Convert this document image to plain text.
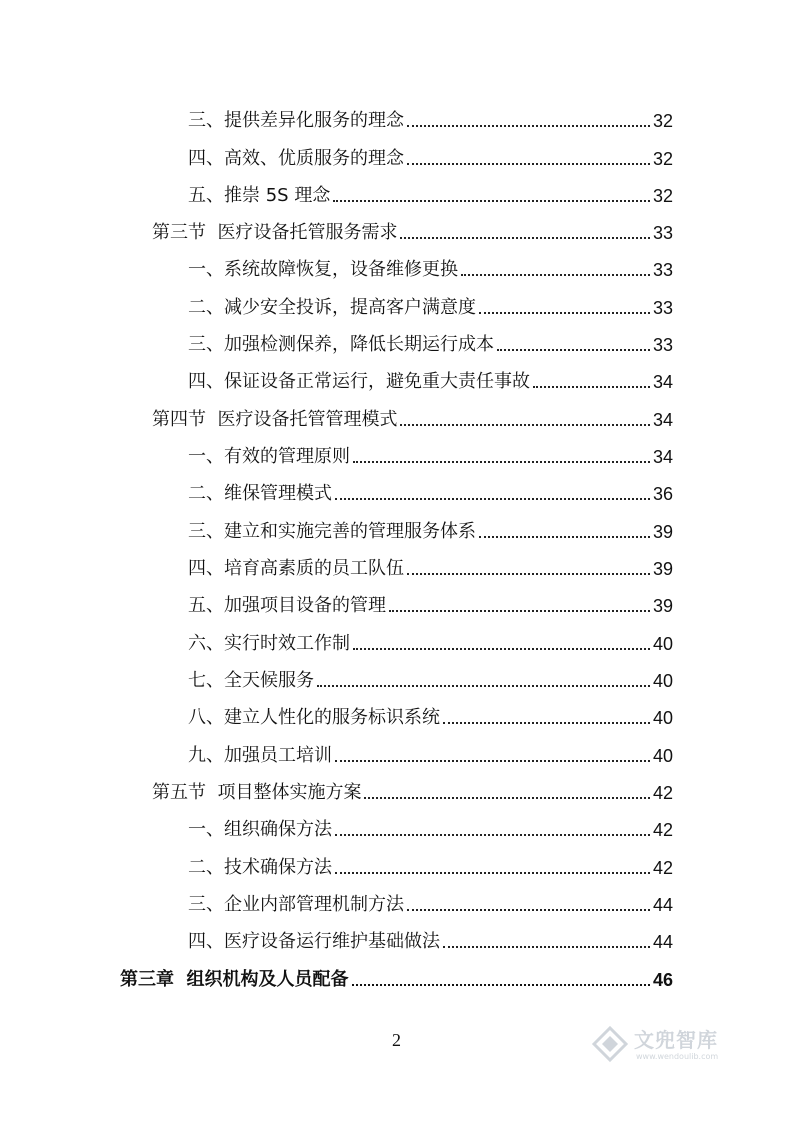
三、提供差异化服务的理念	32
四、高效、优质服务的理念	32
五、推崇 5S 理念	32
第三节  医疗设备托管服务需求	33
一、系统故障恢复，设备维修更换	33
二、减少安全投诉，提高客户满意度	33
三、加强检测保养，降低长期运行成本	33
四、保证设备正常运行，避免重大责任事故	34
第四节  医疗设备托管管理模式	34
一、有效的管理原则	34
二、维保管理模式	36
三、建立和实施完善的管理服务体系	39
四、培育高素质的员工队伍	39
五、加强项目设备的管理	39
六、实行时效工作制	40
七、全天候服务	40
八、建立人性化的服务标识系统	40
九、加强员工培训	40
第五节  项目整体实施方案	42
一、组织确保方法	42
二、技术确保方法	42
三、企业内部管理机制方法	44
四、医疗设备运行维护基础做法	44
第三章  组织机构及人员配备	46
2	文兜智库
www.wendoulib.com
